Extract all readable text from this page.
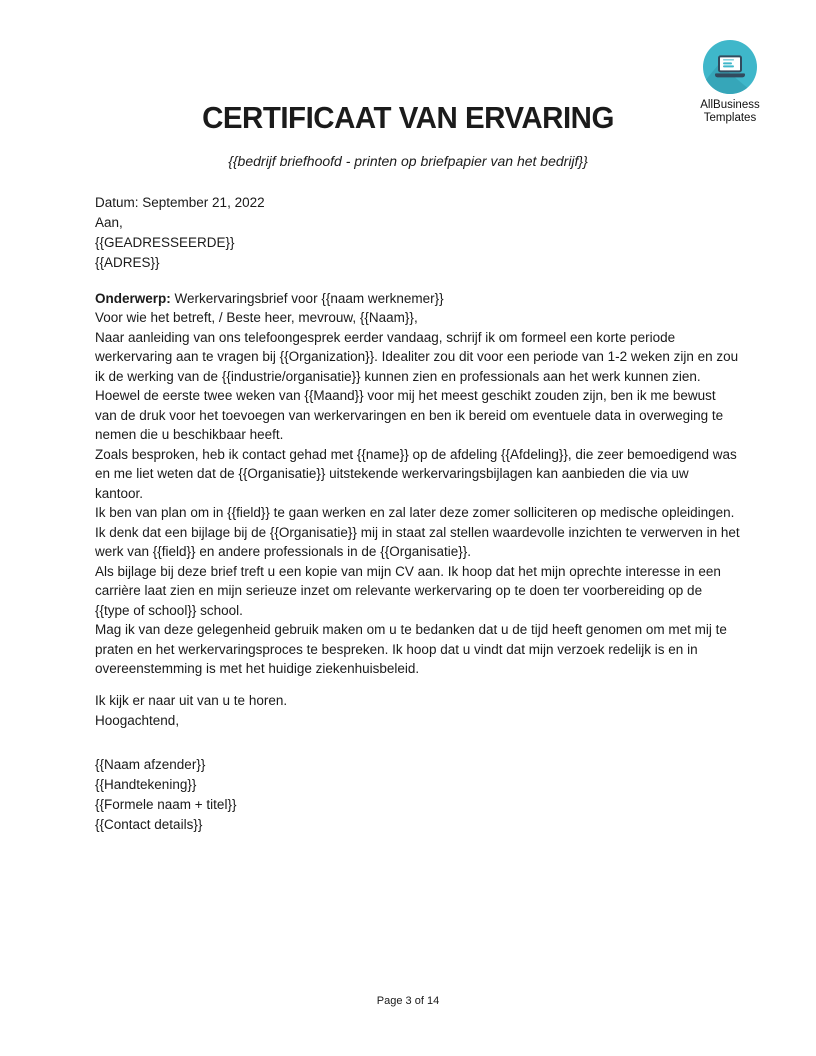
AllBusiness
Templates
CERTIFICAAT VAN ERVARING
{{bedrijf briefhoofd - printen op briefpapier van het bedrijf}}

Datum: September 21, 2022

Aan,
{{GEADRESSEERDE}}
{{ADRES}}

Onderwerp: Werkervaringsbrief voor {{naam werknemer}}

Voor wie het betreft, / Beste heer, mevrouw, {{Naam}},

Naar aanleiding van ons telefoongesprek eerder vandaag, schrijf ik om formeel een korte periode werkervaring aan te vragen bij {{Organization}}. Idealiter zou dit voor een periode van 1-2 weken zijn en zou ik de werking van de {{industrie/organisatie}} kunnen zien en professionals aan het werk kunnen zien.

Hoewel de eerste twee weken van {{Maand}} voor mij het meest geschikt zouden zijn, ben ik me bewust van de druk voor het toevoegen van werkervaringen en ben ik bereid om eventuele data in overweging te nemen die u beschikbaar heeft.

Zoals besproken, heb ik contact gehad met {{name}} op de afdeling {{Afdeling}}, die zeer bemoedigend was en me liet weten dat de {{Organisatie}} uitstekende werkervaringsbijlagen kan aanbieden die via uw kantoor.

Ik ben van plan om in {{field}} te gaan werken en zal later deze zomer solliciteren op medische opleidingen. Ik denk dat een bijlage bij de {{Organisatie}} mij in staat zal stellen waardevolle inzichten te verwerven in het werk van {{field}} en andere professionals in de {{Organisatie}}.

Als bijlage bij deze brief treft u een kopie van mijn CV aan. Ik hoop dat het mijn oprechte interesse in een carrière laat zien en mijn serieuze inzet om relevante werkervaring op te doen ter voorbereiding op de {{type of school}} school.

Mag ik van deze gelegenheid gebruik maken om u te bedanken dat u de tijd heeft genomen om met mij te praten en het werkervaringsproces te bespreken. Ik hoop dat u vindt dat mijn verzoek redelijk is en in overeenstemming is met het huidige ziekenhuisbeleid.

Ik kijk er naar uit van u te horen.
Hoogachtend,
{{Naam afzender}}
{{Handtekening}}
{{Formele naam + titel}}
{{Contact details}}
Page 3 of 14
